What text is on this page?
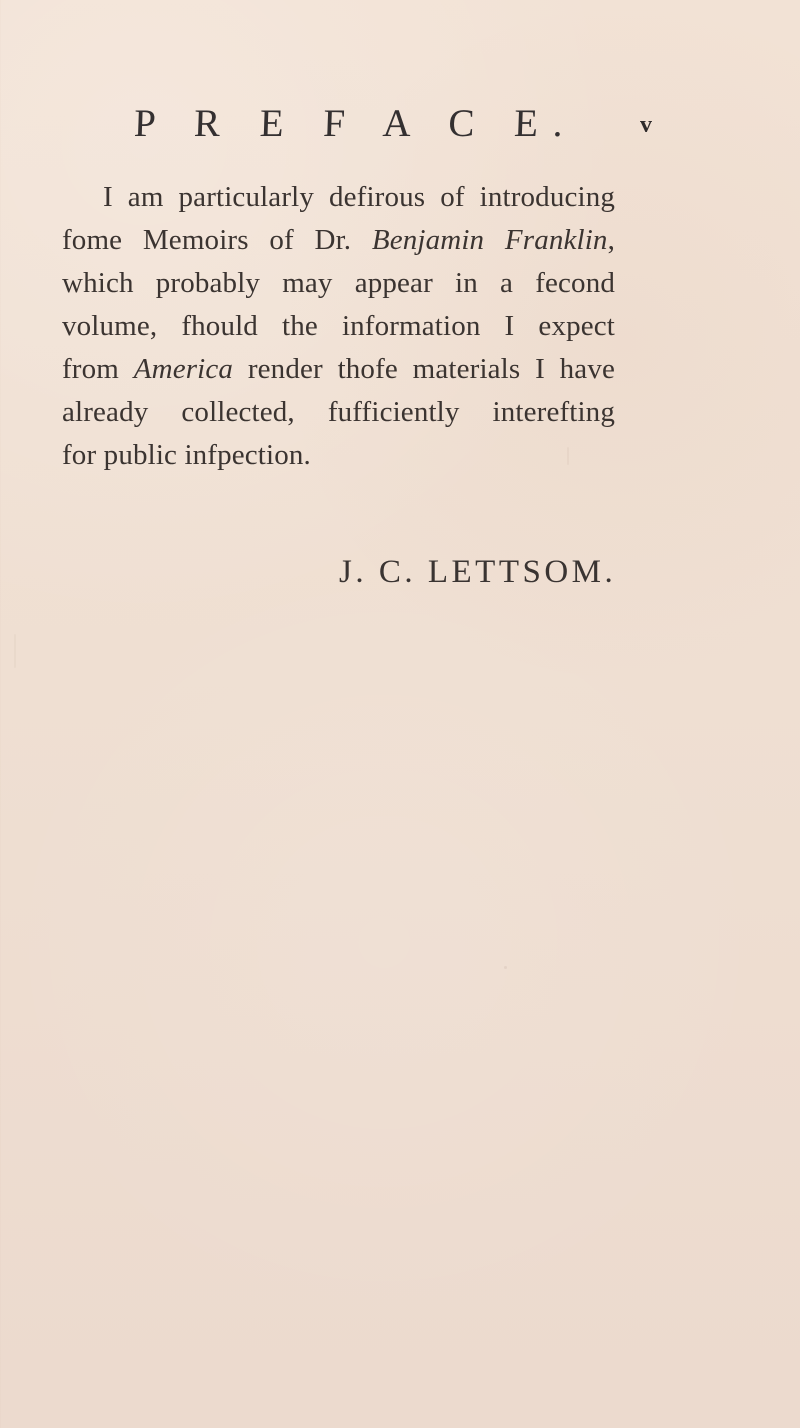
P R E F A C E.	v
I am particularly defirous of introducing
fome Memoirs of Dr. Benjamin Franklin,
which probably may appear in a fecond
volume, fhould the information I expect
from America render thofe materials I have
already collected, fufficiently interefting
for public infpection.
J. C. LETTSOM.
